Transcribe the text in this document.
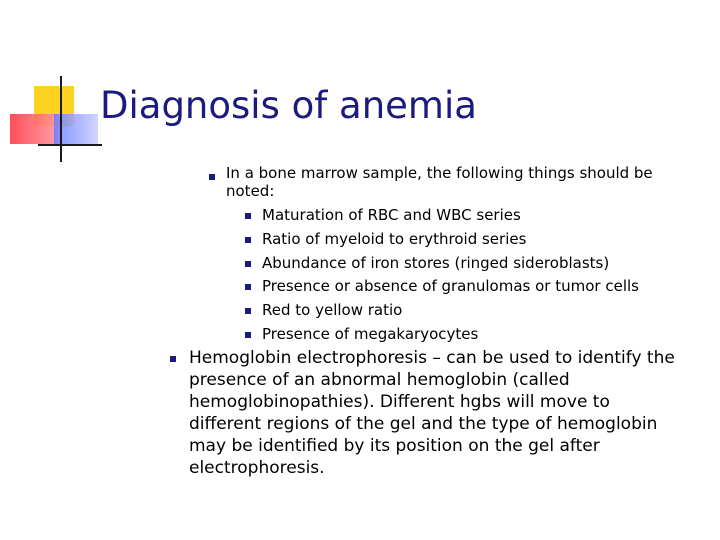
Diagnosis of anemia

In a bone marrow sample, the following things should be

noted:

Maturation of RBC and WBC series

Ratio of myeloid to erythroid series

Abundance of iron stores (ringed sideroblasts)

Presence or absence of granulomas or tumor cells

Red to yellow ratio

Presence of megakaryocytes

Hemoglobin electrophoresis – can be used to identify the

presence of an abnormal hemoglobin (called

hemoglobinopathies). Different hgbs will move to

different regions of the gel and the type of hemoglobin

may be identified by its position on the gel after

electrophoresis.
